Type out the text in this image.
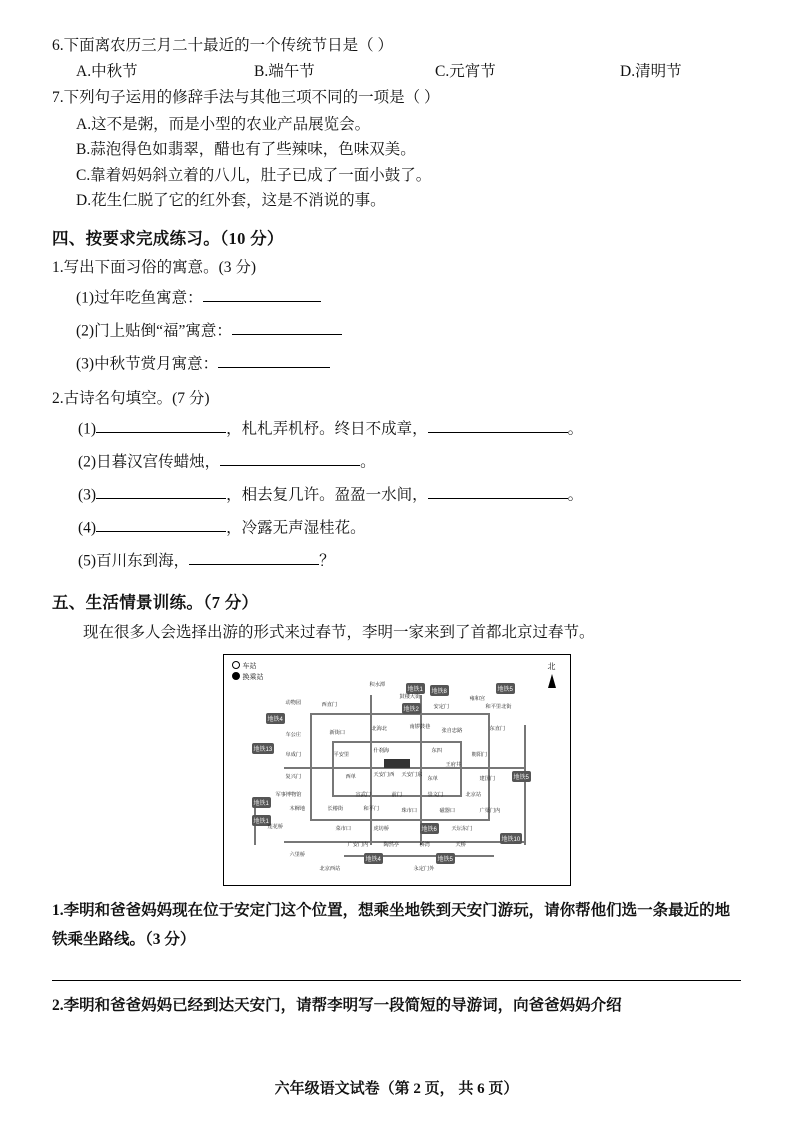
6.下面离农历三月二十最近的一个传统节日是（ ）

A.中秋节	B.端午节	C.元宵节	D.清明节

7.下列句子运用的修辞手法与其他三项不同的一项是（ ）

A.这不是粥，而是小型的农业产品展览会。

B.蒜泡得色如翡翠，醋也有了些辣味，色味双美。

C.靠着妈妈斜立着的八儿，肚子已成了一面小鼓了。

D.花生仁脱了它的红外套，这是不消说的事。

四、按要求完成练习。（10 分）

1.写出下面习俗的寓意。(3 分)

(1)过年吃鱼寓意：

(2)门上贴倒“福”寓意：

(3)中秋节赏月寓意：

2.古诗名句填空。(7 分)

(1)	，札札弄机杼。终日不成章，	。

(2)日暮汉宫传蜡烛，	。

(3)	，相去复几许。盈盈一水间，	。

(4)	，冷露无声湿桂花。

(5)百川东到海，	？

五、生活情景训练。（7 分）

现在很多人会选择出游的形式来过春节，李明一家来到了首都北京过春节。

车站
换乘站
北
地铁4
地铁2
地铁5
地铁1
地铁13
地铁8
地铁1
地铁1
地铁5
地铁4	地铁5
地铁10
地铁6
动物园	西直门
积水潭
鼓楼大街
安定门
雍和宫
和平里北街
车公庄	新街口
北海北	南锣鼓巷	东直门
张自忠路
阜成门	平安里
什刹海	东四
东单
朝阳门
复兴门	西单	天安门西 天安门东
王府井
建国门
军事博物馆	宣武门	前门	崇文门	北京站
木樨地	长椿街	和平门	珠市口	磁器口	广渠门内
莲花桥	菜市口	虎坊桥	天坛东门
永定门外
六里桥
北京西站
广安门内	陶然亭	桥湾	天桥

1.李明和爸爸妈妈现在位于安定门这个位置，想乘坐地铁到天安门游玩，请你帮他们选一条最近的地铁乘坐路线。（3 分）

2.李明和爸爸妈妈已经到达天安门，请帮李明写一段简短的导游词，向爸爸妈妈介绍

六年级语文试卷（第 2 页， 共 6 页）
